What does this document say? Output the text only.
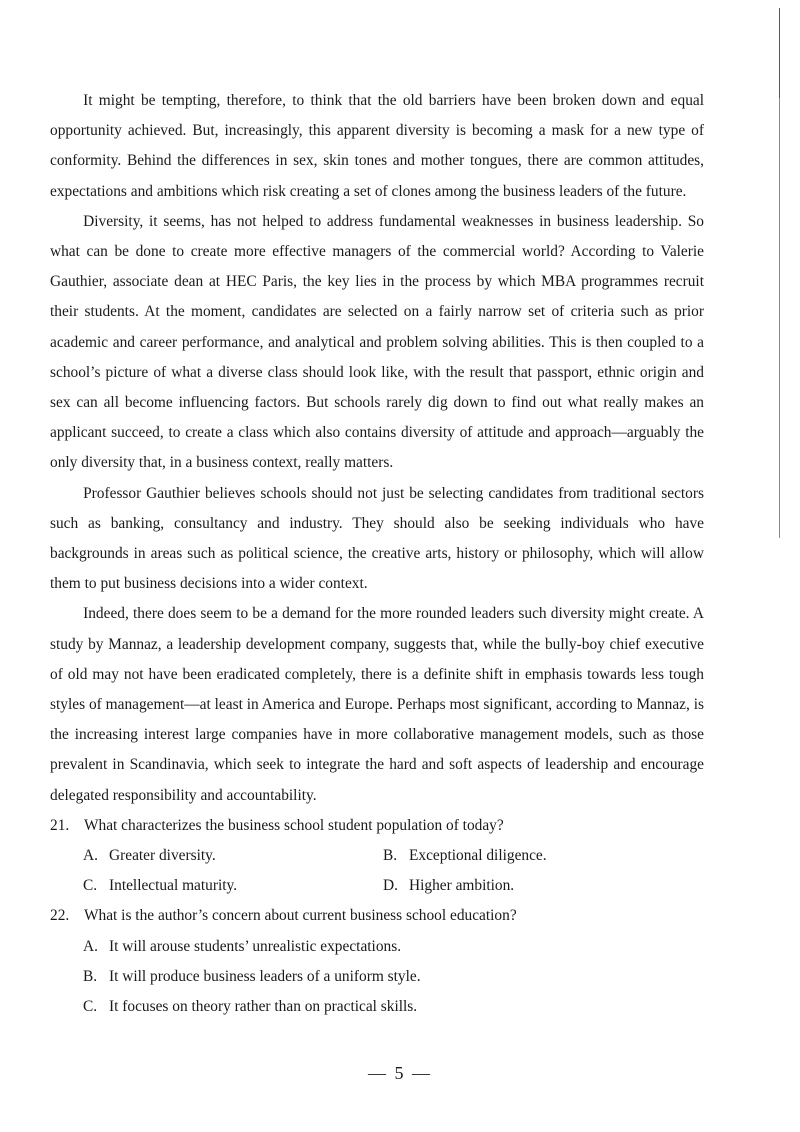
It might be tempting, therefore, to think that the old barriers have been broken down and equal opportunity achieved. But, increasingly, this apparent diversity is becoming a mask for a new type of conformity. Behind the differences in sex, skin tones and mother tongues, there are common attitudes, expectations and ambitions which risk creating a set of clones among the business leaders of the future.

Diversity, it seems, has not helped to address fundamental weaknesses in business leadership. So what can be done to create more effective managers of the commercial world? According to Valerie Gauthier, associate dean at HEC Paris, the key lies in the process by which MBA programmes recruit their students. At the moment, candidates are selected on a fairly narrow set of criteria such as prior academic and career performance, and analytical and problem solving abilities. This is then coupled to a school’s picture of what a diverse class should look like, with the result that passport, ethnic origin and sex can all become influencing factors. But schools rarely dig down to find out what really makes an applicant succeed, to create a class which also contains diversity of attitude and approach—arguably the only diversity that, in a business context, really matters.

Professor Gauthier believes schools should not just be selecting candidates from traditional sectors such as banking, consultancy and industry. They should also be seeking individuals who have backgrounds in areas such as political science, the creative arts, history or philosophy, which will allow them to put business decisions into a wider context.

Indeed, there does seem to be a demand for the more rounded leaders such diversity might create. A study by Mannaz, a leadership development company, suggests that, while the bully-boy chief executive of old may not have been eradicated completely, there is a definite shift in emphasis towards less tough styles of management—at least in America and Europe. Perhaps most significant, according to Mannaz, is the increasing interest large companies have in more collaborative management models, such as those prevalent in Scandinavia, which seek to integrate the hard and soft aspects of leadership and encourage delegated responsibility and accountability.

21. What characterizes the business school student population of today?

A. Greater diversity.	B. Exceptional diligence.
C. Intellectual maturity.	D. Higher ambition.

22. What is the author’s concern about current business school education?

A. It will arouse students’ unrealistic expectations.

B. It will produce business leaders of a uniform style.

C. It focuses on theory rather than on practical skills.

— 5 —
